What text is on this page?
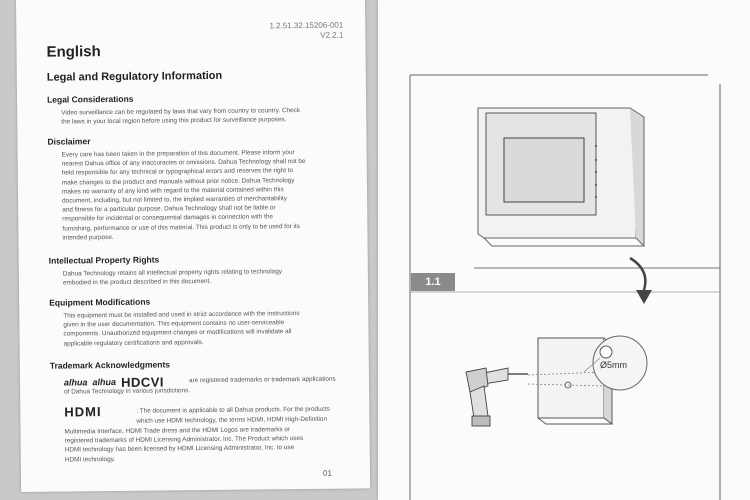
1.2.51.32.15206-001
V2.2.1
English
Legal and Regulatory Information
Legal Considerations
Video surveillance can be regulated by laws that vary from country to country. Check
the laws in your local region before using this product for surveillance purposes.
Disclaimer
Every care has been taken in the preparation of this document. Please inform your
nearest Dahua office of any inaccuracies or omissions. Dahua Technology shall not be
held responsible for any technical or typographical errors and reserves the right to
make changes to the product and manuals without prior notice. Dahua Technology
makes no warranty of any kind with regard to the material contained within this
document, including, but not limited to, the implied warranties of merchantability
and fitness for a particular purpose. Dahua Technology shall not be liable or
responsible for incidental or consequential damages in connection with the
furnishing, performance or use of this material. This product is only to be used for its
intended purpose.
Intellectual Property Rights
Dahua Technology retains all intellectual property rights relating to technology
embodied in the product described in this document.
Equipment Modifications
This equipment must be installed and used in strict accordance with the instructions
given in the user documentation. This equipment contains no user-serviceable
components. Unauthorized equipment changes or modifications will invalidate all
applicable regulatory certifications and approvals.
Trademark Acknowledgments
alhua alhua HDCVI	are registered trademarks or trademark applications
of Dahua Technology in various jurisdictions.
HDMI	: The document is applicable to all Dahua products. For the products
which use HDMI technology, the terms HDMI, HDMI High-Definition
Multimedia Interface, HDMI Trade dress and the HDMI Logos are trademarks or
registered trademarks of HDMI Licensing Administrator, Inc. The Product which uses
HDMI technology has been licensed by HDMI Licensing Administrator, Inc. to use
HDMI technology.
01
1.1
Ø5mm
